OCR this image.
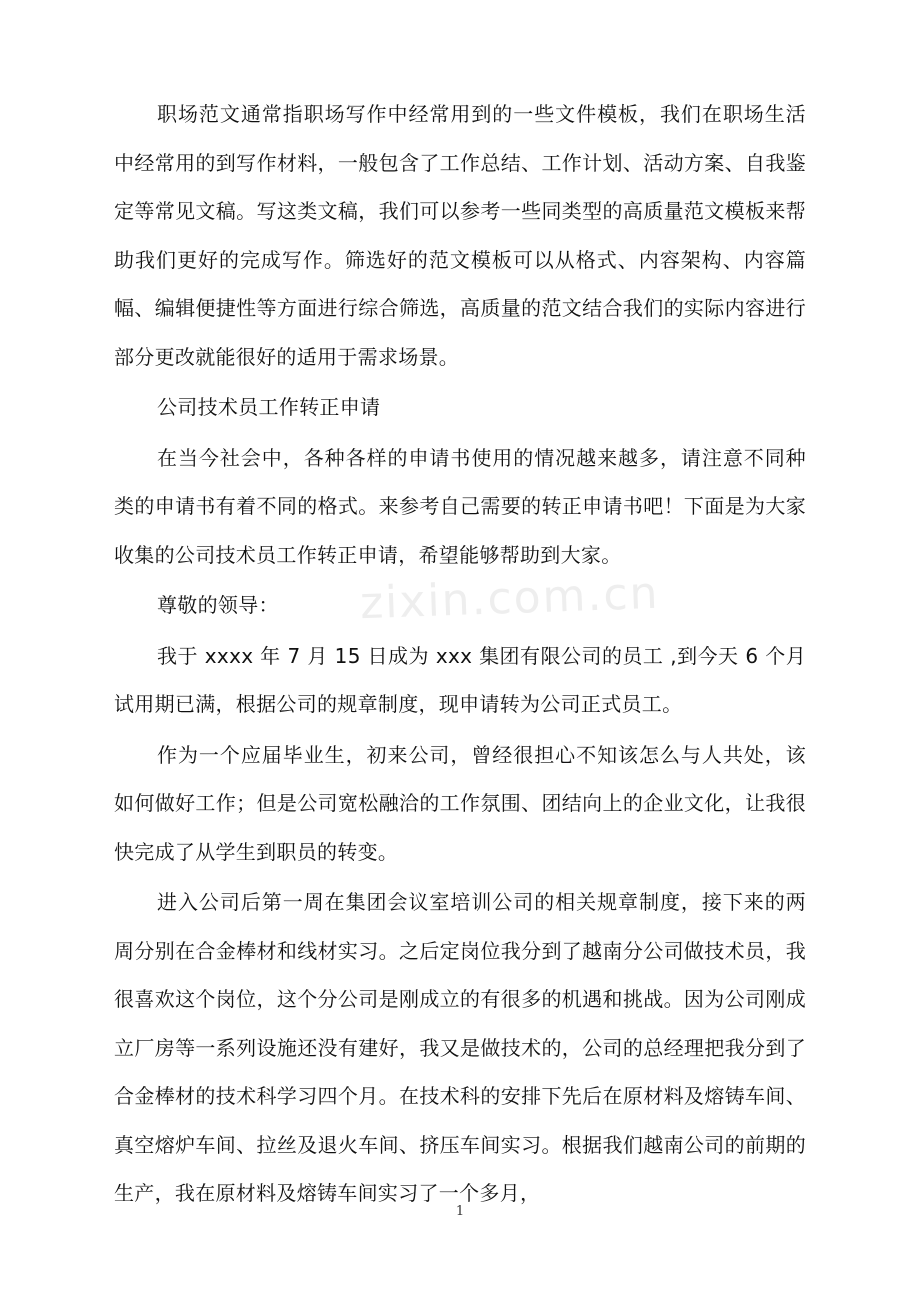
zixin.com.cn

职场范文通常指职场写作中经常用到的一些文件模板，我们在职场生活中经常用的到写作材料，一般包含了工作总结、工作计划、活动方案、自我鉴定等常见文稿。写这类文稿，我们可以参考一些同类型的高质量范文模板来帮助我们更好的完成写作。筛选好的范文模板可以从格式、内容架构、内容篇幅、编辑便捷性等方面进行综合筛选，高质量的范文结合我们的实际内容进行部分更改就能很好的适用于需求场景。

公司技术员工作转正申请

在当今社会中，各种各样的申请书使用的情况越来越多，请注意不同种类的申请书有着不同的格式。来参考自己需要的转正申请书吧！下面是为大家收集的公司技术员工作转正申请，希望能够帮助到大家。

尊敬的领导：

我于 xxxx 年 7 月 15 日成为 xxx 集团有限公司的员工 ,到今天 6 个月试用期已满，根据公司的规章制度，现申请转为公司正式员工。

作为一个应届毕业生，初来公司，曾经很担心不知该怎么与人共处，该如何做好工作；但是公司宽松融洽的工作氛围、团结向上的企业文化，让我很快完成了从学生到职员的转变。

进入公司后第一周在集团会议室培训公司的相关规章制度，接下来的两周分别在合金棒材和线材实习。之后定岗位我分到了越南分公司做技术员，我很喜欢这个岗位，这个分公司是刚成立的有很多的机遇和挑战。因为公司刚成立厂房等一系列设施还没有建好，我又是做技术的，公司的总经理把我分到了合金棒材的技术科学习四个月。在技术科的安排下先后在原材料及熔铸车间、真空熔炉车间、拉丝及退火车间、挤压车间实习。根据我们越南公司的前期的生产，我在原材料及熔铸车间实习了一个多月，

1
